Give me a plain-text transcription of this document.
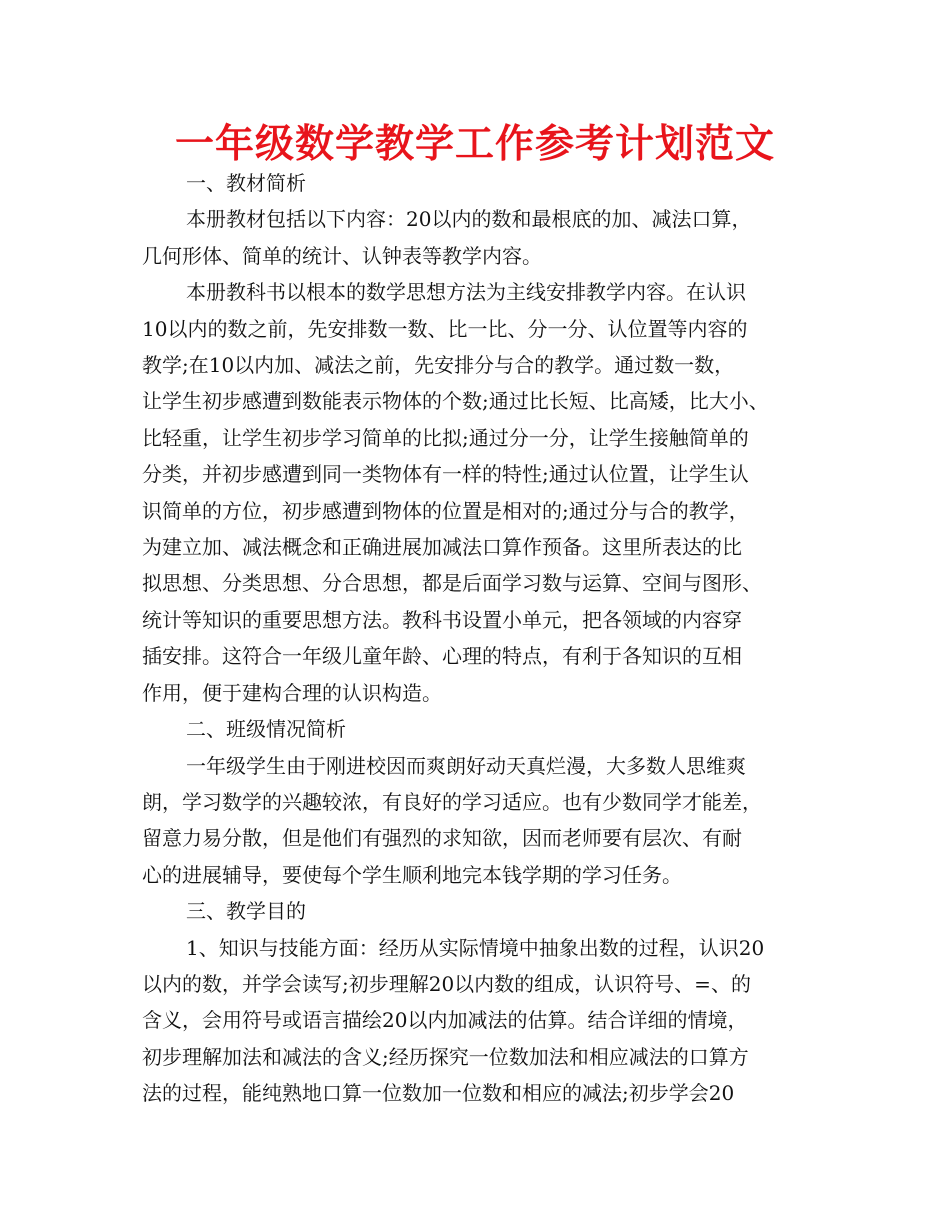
一年级数学教学工作参考计划范文
一、教材简析
本册教材包括以下内容：20以内的数和最根底的加、减法口算，
几何形体、简单的统计、认钟表等教学内容。
本册教科书以根本的数学思想方法为主线安排教学内容。在认识
10以内的数之前，先安排数一数、比一比、分一分、认位置等内容的
教学;在10以内加、减法之前，先安排分与合的教学。通过数一数，
让学生初步感遭到数能表示物体的个数;通过比长短、比高矮，比大小、
比轻重，让学生初步学习简单的比拟;通过分一分，让学生接触简单的
分类，并初步感遭到同一类物体有一样的特性;通过认位置，让学生认
识简单的方位，初步感遭到物体的位置是相对的;通过分与合的教学，
为建立加、减法概念和正确进展加减法口算作预备。这里所表达的比
拟思想、分类思想、分合思想，都是后面学习数与运算、空间与图形、
统计等知识的重要思想方法。教科书设置小单元，把各领域的内容穿
插安排。这符合一年级儿童年龄、心理的特点，有利于各知识的互相
作用，便于建构合理的认识构造。
二、班级情况简析
一年级学生由于刚进校因而爽朗好动天真烂漫，大多数人思维爽
朗，学习数学的兴趣较浓，有良好的学习适应。也有少数同学才能差，
留意力易分散，但是他们有强烈的求知欲，因而老师要有层次、有耐
心的进展辅导，要使每个学生顺利地完本钱学期的学习任务。
三、教学目的
1、知识与技能方面：经历从实际情境中抽象出数的过程，认识20
以内的数，并学会读写;初步理解20以内数的组成，认识符号、=、的
含义，会用符号或语言描绘20以内加减法的估算。结合详细的情境，
初步理解加法和减法的含义;经历探究一位数加法和相应减法的口算方
法的过程，能纯熟地口算一位数加一位数和相应的减法;初步学会20
